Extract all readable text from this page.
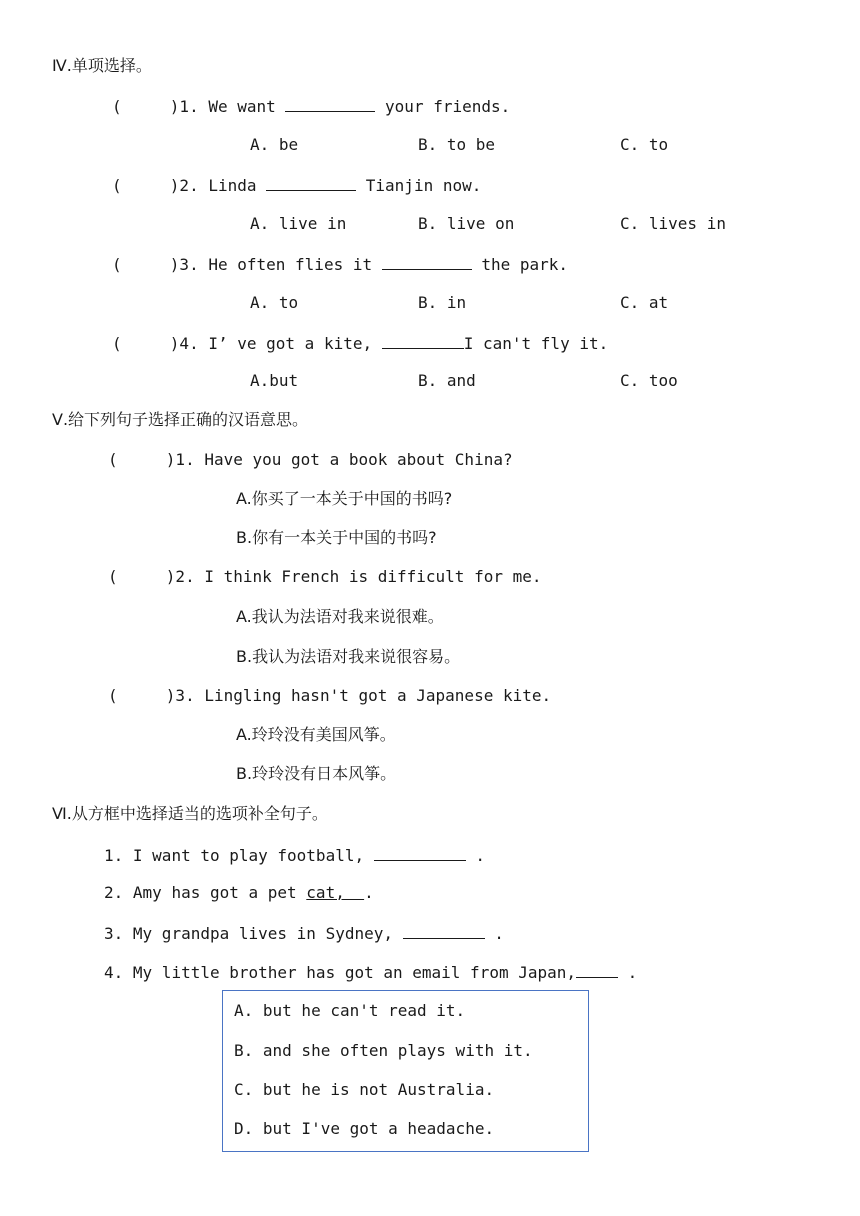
Ⅳ.单项选择。
(     )1. We want	your friends.
A. be	B. to be	C. to
(     )2. Linda	Tianjin now.
A. live in	B. live on	C. lives in
(     )3. He often flies it	the park.
A. to	B. in	C. at
(     )4. I’ ve got a kite,	I can't fly it.
A.but	B. and	C. too
Ⅴ.给下列句子选择正确的汉语意思。
(     )1. Have you got a book about China?
A.你买了一本关于中国的书吗?
B.你有一本关于中国的书吗?
(     )2. I think French is difficult for me.
A.我认为法语对我来说很难。
B.我认为法语对我来说很容易。
(     )3. Lingling hasn't got a Japanese kite.
A.玲玲没有美国风筝。
B.玲玲没有日本风筝。
Ⅵ.从方框中选择适当的选项补全句子。
1. I want to play football,	.
2. Amy has got a pet cat,  .
3. My grandpa lives in Sydney,	.
4. My little brother has got an email from Japan,	.
A. but he can't read it.
B. and she often plays with it.
C. but he is not Australia.
D. but I've got a headache.
